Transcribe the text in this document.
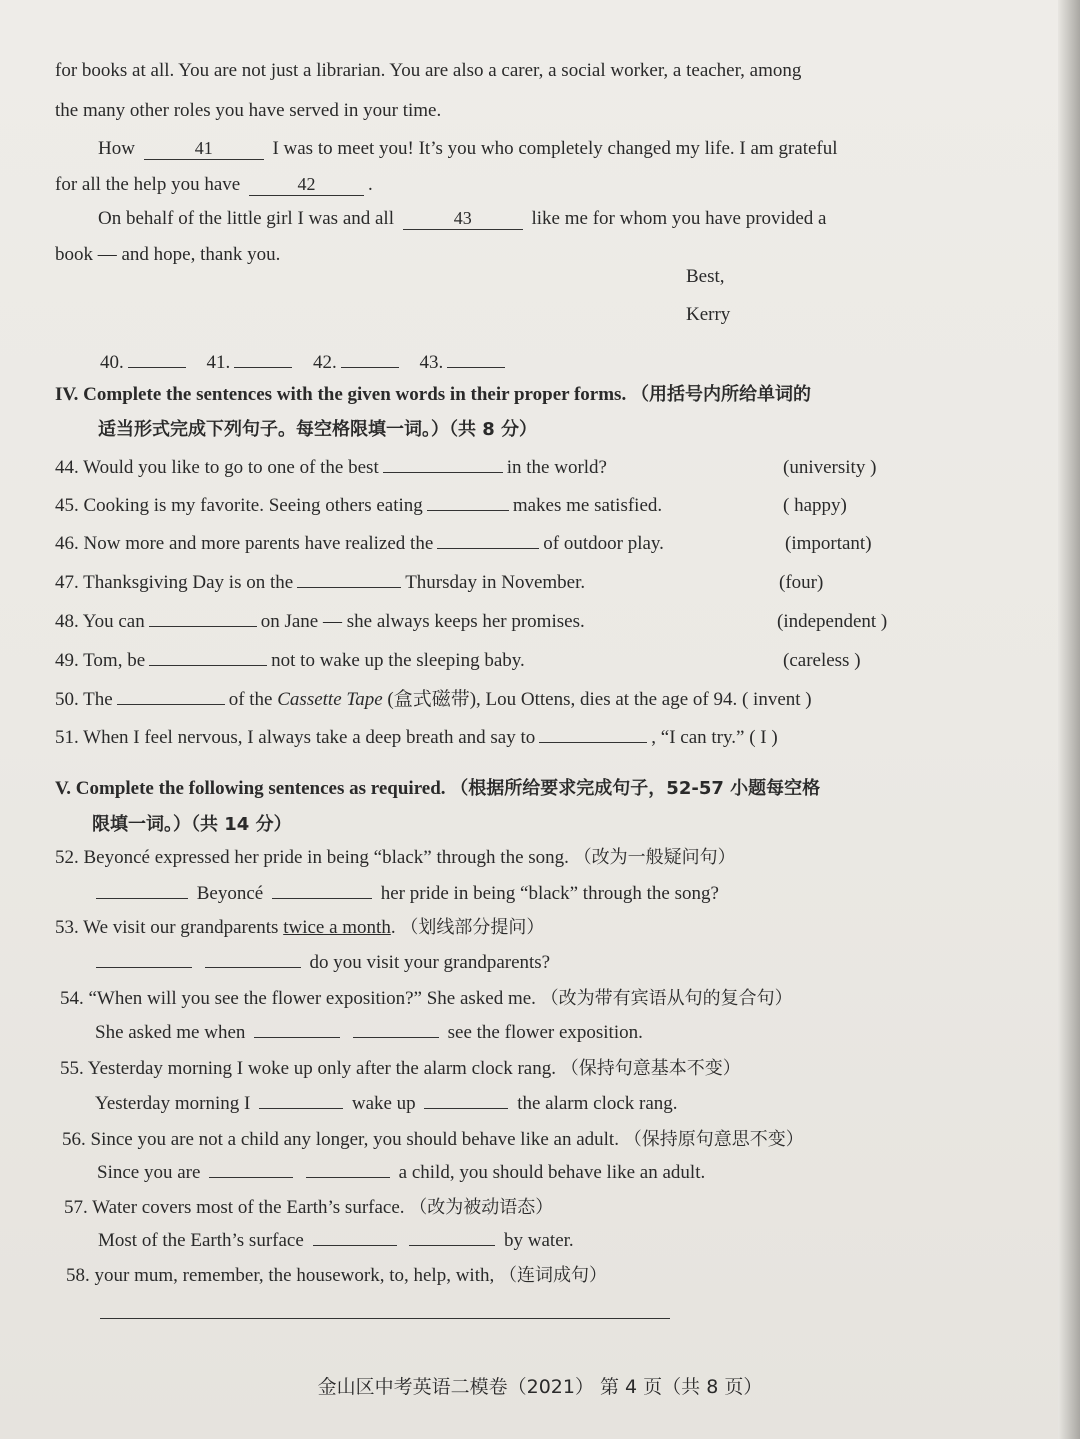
for books at all. You are not just a librarian. You are also a carer, a social worker, a teacher, among
the many other roles you have served in your time.
How	41	I was to meet you! It’s you who completely changed my life. I am grateful
for all the help you have	42	.
On behalf of the little girl I was and all	43	like me for whom you have provided a
book — and hope, thank you.
Best,
Kerry
40.	41.	42.	43.
IV. Complete the sentences with the given words in their proper forms. （用括号内所给单词的
适当形式完成下列句子。每空格限填一词。）（共 8 分）
44. Would you like to go to one of the best	in the world?	(university )
45. Cooking is my favorite. Seeing others eating	makes me satisfied.	( happy)
46. Now more and more parents have realized the	of outdoor play.	(important)
47. Thanksgiving Day is on the	Thursday in November.	(four)
48. You can	on Jane — she always keeps her promises.	(independent )
49. Tom, be	not to wake up the sleeping baby.	(careless )
50. The	of the Cassette Tape (盒式磁带), Lou Ottens, dies at the age of 94. ( invent )
51. When I feel nervous, I always take a deep breath and say to	, “I can try.” ( I )
V. Complete the following sentences as required. （根据所给要求完成句子，52-57 小题每空格
限填一词。）（共 14 分）
52. Beyoncé expressed her pride in being “black” through the song. （改为一般疑问句）
Beyoncé	her pride in being “black” through the song?
53. We visit our grandparents twice a month. （划线部分提问）
do you visit your grandparents?
54. “When will you see the flower exposition?” She asked me. （改为带有宾语从句的复合句）
She asked me when	see the flower exposition.
55. Yesterday morning I woke up only after the alarm clock rang. （保持句意基本不变）
Yesterday morning I	wake up	the alarm clock rang.
56. Since you are not a child any longer, you should behave like an adult. （保持原句意思不变）
Since you are	a child, you should behave like an adult.
57. Water covers most of the Earth’s surface. （改为被动语态）
Most of the Earth’s surface	by water.
58. your mum, remember, the housework, to, help, with, （连词成句）
金山区中考英语二模卷（2021） 第 4 页（共 8 页）
